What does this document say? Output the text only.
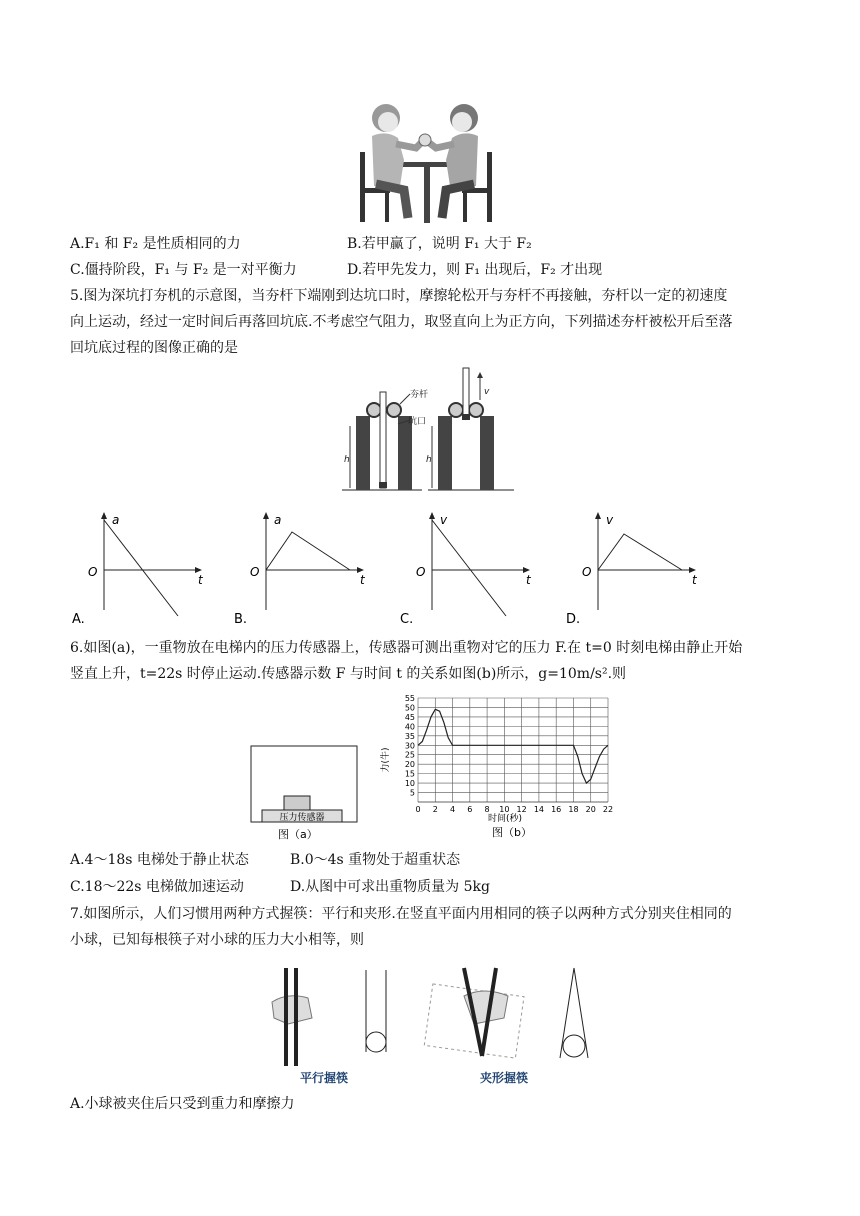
A.F₁ 和 F₂ 是性质相同的力	B.若甲赢了，说明 F₁ 大于 F₂
C.僵持阶段，F₁ 与 F₂ 是一对平衡力	D.若甲先发力，则 F₁ 出现后，F₂ 才出现
5.图为深坑打夯机的示意图，当夯杆下端刚到达坑口时，摩擦轮松开与夯杆不再接触，夯杆以一定的初速度
向上运动，经过一定时间后再落回坑底.不考虑空气阻力，取竖直向上为正方向，下列描述夯杆被松开后至落
回坑底过程的图像正确的是
夯杆
坑口
h
v
h
A.
a
O
t
B.
a
O
t
C.
v
O
t
D.
v
O
t
6.如图(a)，一重物放在电梯内的压力传感器上，传感器可测出重物对它的压力 F.在 t=0 时刻电梯由静止开始
竖直上升，t=22s 时停止运动.传感器示数 F 与时间 t 的关系如图(b)所示，g=10m/s².则
压力传感器
图（a）
0 2 4 6 8 10 12 14 16 18 20 22
5
10
15
20
25
30
35
40
45
50
55
力(牛)
时间(秒)
图（b）
A.4～18s 电梯处于静止状态	B.0～4s 重物处于超重状态
C.18～22s 电梯做加速运动	D.从图中可求出重物质量为 5kg
7.如图所示，人们习惯用两种方式握筷：平行和夹形.在竖直平面内用相同的筷子以两种方式分别夹住相同的
小球，已知每根筷子对小球的压力大小相等，则
平行握筷	夹形握筷
A.小球被夹住后只受到重力和摩擦力
